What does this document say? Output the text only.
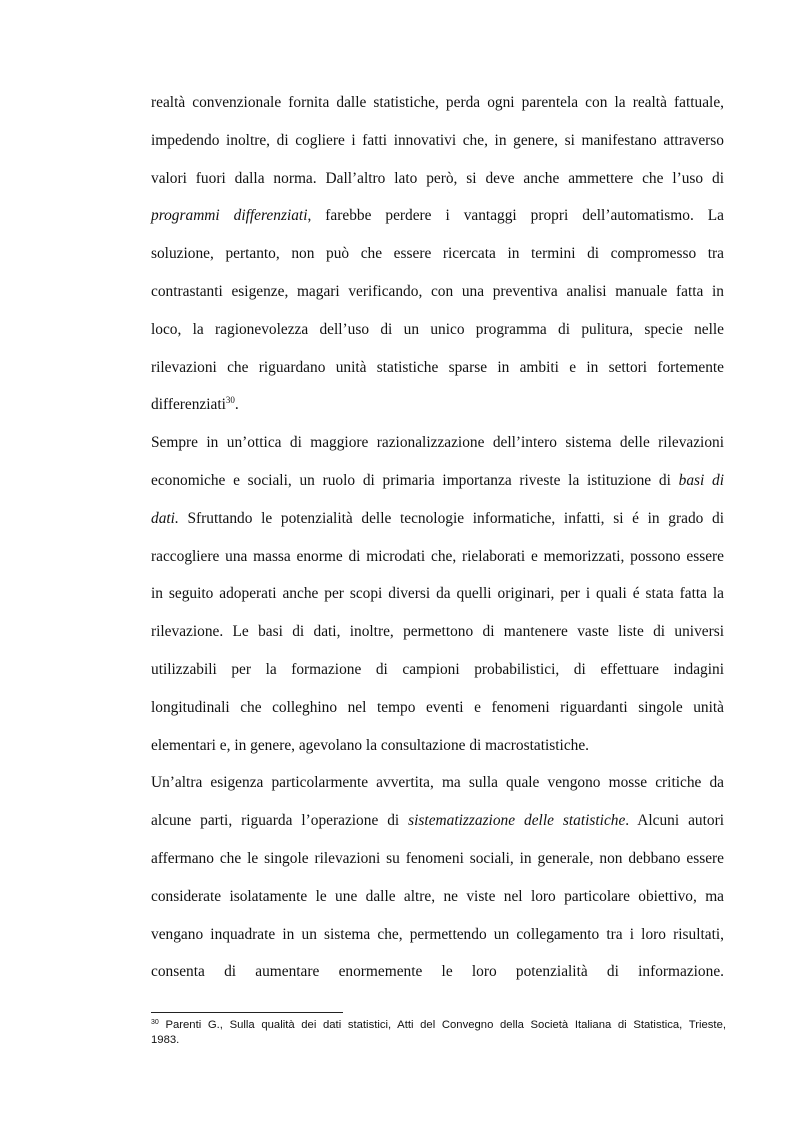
realtà convenzionale fornita dalle statistiche, perda ogni parentela con la realtà fattuale,
impedendo inoltre, di cogliere i fatti innovativi che, in genere, si manifestano attraverso
valori fuori dalla norma. Dall’altro lato però, si deve anche ammettere che l’uso di
programmi differenziati, farebbe perdere i vantaggi propri dell’automatismo. La
soluzione, pertanto, non può che essere ricercata in termini di compromesso tra
contrastanti esigenze, magari verificando, con una preventiva analisi manuale fatta in
loco, la ragionevolezza dell’uso di un unico programma di pulitura, specie nelle
rilevazioni che riguardano unità statistiche sparse in ambiti e in settori fortemente
differenziati$^{30}$.

Sempre in un’ottica di maggiore razionalizzazione dell’intero sistema delle rilevazioni
economiche e sociali, un ruolo di primaria importanza riveste la istituzione di basi di
dati. Sfruttando le potenzialità delle tecnologie informatiche, infatti, si é in grado di
raccogliere una massa enorme di microdati che, rielaborati e memorizzati, possono essere
in seguito adoperati anche per scopi diversi da quelli originari, per i quali é stata fatta la
rilevazione. Le basi di dati, inoltre, permettono di mantenere vaste liste di universi
utilizzabili per la formazione di campioni probabilistici, di effettuare indagini
longitudinali che colleghino nel tempo eventi e fenomeni riguardanti singole unità
elementari e, in genere, agevolano la consultazione di macrostatistiche.

Un’altra esigenza particolarmente avvertita, ma sulla quale vengono mosse critiche da
alcune parti, riguarda l’operazione di sistematizzazione delle statistiche. Alcuni autori
affermano che le singole rilevazioni su fenomeni sociali, in generale, non debbano essere
considerate isolatamente le une dalle altre, ne viste nel loro particolare obiettivo, ma
vengano inquadrate in un sistema che, permettendo un collegamento tra i loro risultati,
consenta di aumentare enormemente le loro potenzialità di informazione.

$^{30}$ Parenti G., Sulla qualità dei dati statistici, Atti del Convegno della Società Italiana di Statistica, Trieste,
1983.
